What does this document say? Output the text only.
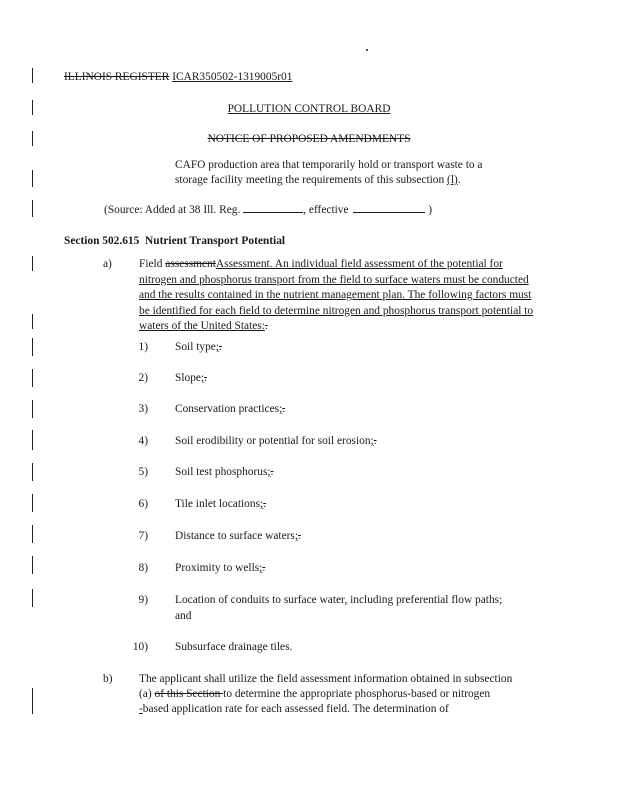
ILLINOIS REGISTER ICAR350502-1319005r01
POLLUTION CONTROL BOARD
NOTICE OF PROPOSED AMENDMENTS
CAFO production area that temporarily hold or transport waste to a
storage facility meeting the requirements of this subsection (l).
(Source: Added at 38 Ill. Reg.	, effective	)
Section 502.615 Nutrient Transport Potential
a) Field assessmentAssessment. An individual field assessment of the potential for nitrogen and phosphorus transport from the field to surface waters must be conducted and the results contained in the nutrient management plan. The following factors must be identified for each field to determine nitrogen and phosphorus transport potential to waters of the United States:.
1) Soil type;.
2) Slope;.
3) Conservation practices;.
4) Soil erodibility or potential for soil erosion;.
5) Soil test phosphorus;.
6) Tile inlet locations;.
7) Distance to surface waters;.
8) Proximity to wells;.
9) Location of conduits to surface water, including preferential flow paths;
and
10) Subsurface drainage tiles.
b) The applicant shall utilize the field assessment information obtained in subsection
(a) of this Section to determine the appropriate phosphorus-based or nitrogen
-based application rate for each assessed field. The determination of
